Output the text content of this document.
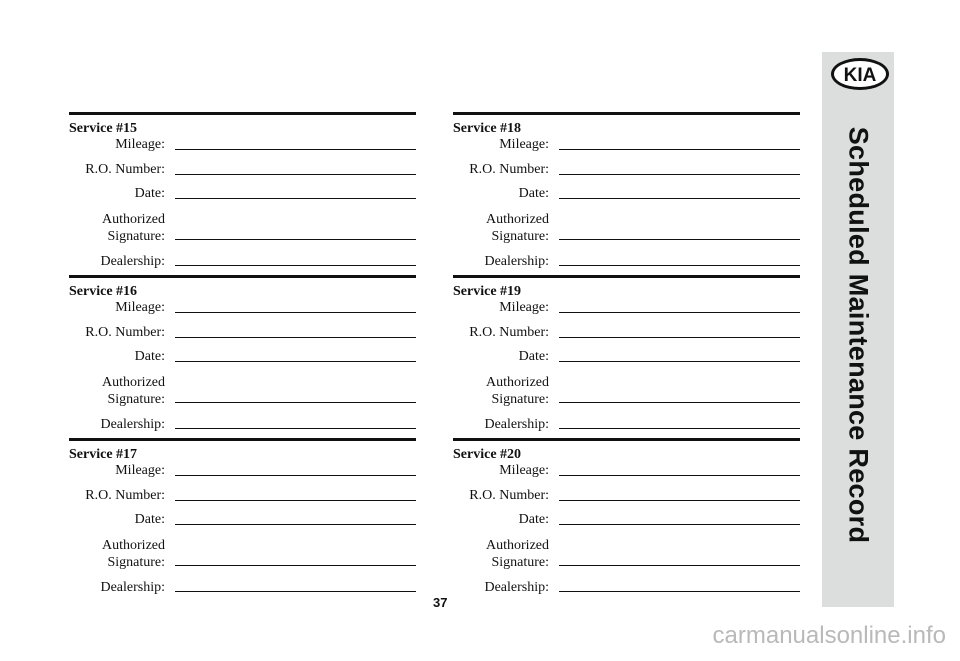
KIA
Scheduled Maintenance Record
Service #15
Mileage:
R.O. Number:
Date:
Authorized
Signature:
Dealership:
Service #16
Mileage:
R.O. Number:
Date:
Authorized
Signature:
Dealership:
Service #17
Mileage:
R.O. Number:
Date:
Authorized
Signature:
Dealership:
Service #18
Mileage:
R.O. Number:
Date:
Authorized
Signature:
Dealership:
Service #19
Mileage:
R.O. Number:
Date:
Authorized
Signature:
Dealership:
Service #20
Mileage:
R.O. Number:
Date:
Authorized
Signature:
Dealership:
37
carmanualsonline.info
